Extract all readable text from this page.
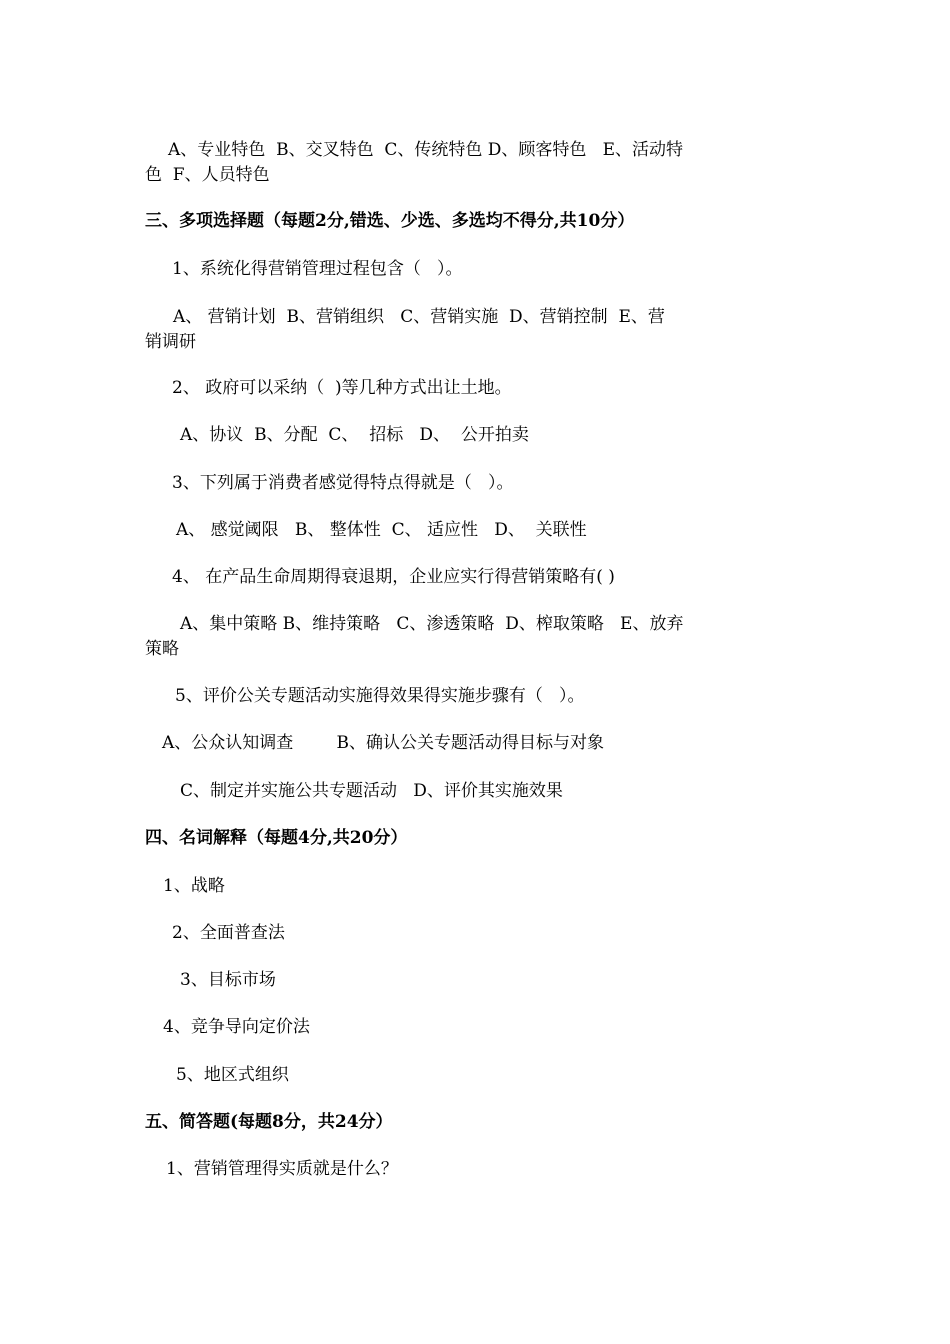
A、专业特色  B、交叉特色  C、传统特色 D、顾客特色   E、活动特
色  F、人员特色
三、多项选择题（每题2分,错选、少选、多选均不得分,共10分）
1、系统化得营销管理过程包含（   ）。
A、 营销计划  B、营销组织   C、营销实施  D、营销控制  E、营
销调研
2、 政府可以采纳（  )等几种方式出让土地。
A、协议  B、分配  C、  招标   D、  公开拍卖
3、下列属于消费者感觉得特点得就是（   ）。
A、 感觉阈限   B、 整体性  C、 适应性   D、  关联性
4、 在产品生命周期得衰退期，企业应实行得营销策略有( )
A、集中策略 B、维持策略   C、渗透策略  D、榨取策略   E、放弃
策略
5、评价公关专题活动实施得效果得实施步骤有（   ）。
A、公众认知调查        B、确认公关专题活动得目标与对象
C、制定并实施公共专题活动   D、评价其实施效果
四、名词解释（每题4分,共20分）
1、战略
2、全面普查法
3、目标市场
4、竞争导向定价法
5、地区式组织
五、简答题(每题8分，共24分）
1、营销管理得实质就是什么？
